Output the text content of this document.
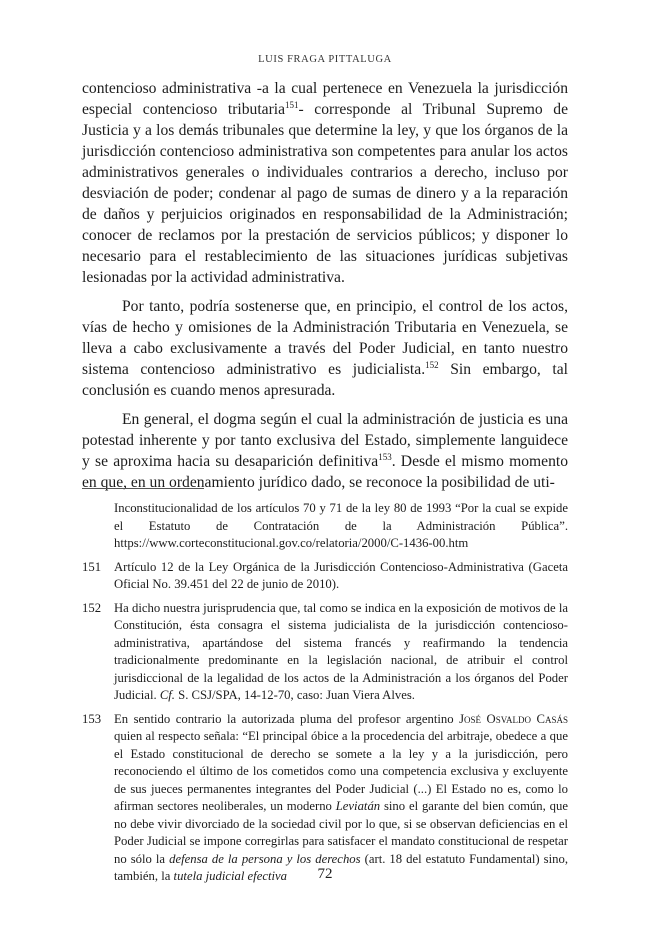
LUIS FRAGA PITTALUGA

contencioso administrativa -a la cual pertenece en Venezuela la jurisdicción especial contencioso tributaria$^{151}$- corresponde al Tribunal Supremo de Justicia y a los demás tribunales que determine la ley, y que los órganos de la jurisdicción contencioso administrativa son competentes para anular los actos administrativos generales o individuales contrarios a derecho, incluso por desviación de poder; condenar al pago de sumas de dinero y a la reparación de daños y perjuicios originados en responsabilidad de la Administración; conocer de reclamos por la prestación de servicios públicos; y disponer lo necesario para el restablecimiento de las situaciones jurídicas subjetivas lesionadas por la actividad administrativa.

Por tanto, podría sostenerse que, en principio, el control de los actos, vías de hecho y omisiones de la Administración Tributaria en Venezuela, se lleva a cabo exclusivamente a través del Poder Judicial, en tanto nuestro sistema contencioso administrativo es judicialista.$^{152}$ Sin embargo, tal conclusión es cuando menos apresurada.

En general, el dogma según el cual la administración de justicia es una potestad inherente y por tanto exclusiva del Estado, simplemente languidece y se aproxima hacia su desaparición definitiva$^{153}$. Desde el mismo momento en que, en un ordenamiento jurídico dado, se reconoce la posibilidad de uti-

Inconstitucionalidad de los artículos 70 y 71 de la ley 80 de 1993 “Por la cual se expide el Estatuto de Contratación de la Administración Pública”. https://www.corteconstitucional.gov.co/relatoria/2000/C-1436-00.htm
151	Artículo 12 de la Ley Orgánica de la Jurisdicción Contencioso-Administrativa (Gaceta Oficial No. 39.451 del 22 de junio de 2010).
152	Ha dicho nuestra jurisprudencia que, tal como se indica en la exposición de motivos de la Constitución, ésta consagra el sistema judicialista de la jurisdicción contencioso-administrativa, apartándose del sistema francés y reafirmando la tendencia tradicionalmente predominante en la legislación nacional, de atribuir el control jurisdiccional de la legalidad de los actos de la Administración a los órganos del Poder Judicial. Cf. S. CSJ/SPA, 14-12-70, caso: Juan Viera Alves.
153	En sentido contrario la autorizada pluma del profesor argentino José Osvaldo Casás quien al respecto señala: “El principal óbice a la procedencia del arbitraje, obedece a que el Estado constitucional de derecho se somete a la ley y a la jurisdicción, pero reconociendo el último de los cometidos como una competencia exclusiva y excluyente de sus jueces permanentes integrantes del Poder Judicial (...) El Estado no es, como lo afirman sectores neoliberales, un moderno Leviatán sino el garante del bien común, que no debe vivir divorciado de la sociedad civil por lo que, si se observan deficiencias en el Poder Judicial se impone corregirlas para satisfacer el mandato constitucional de respetar no sólo la defensa de la persona y los derechos (art. 18 del estatuto Fundamental) sino, también, la tutela judicial efectiva	72
